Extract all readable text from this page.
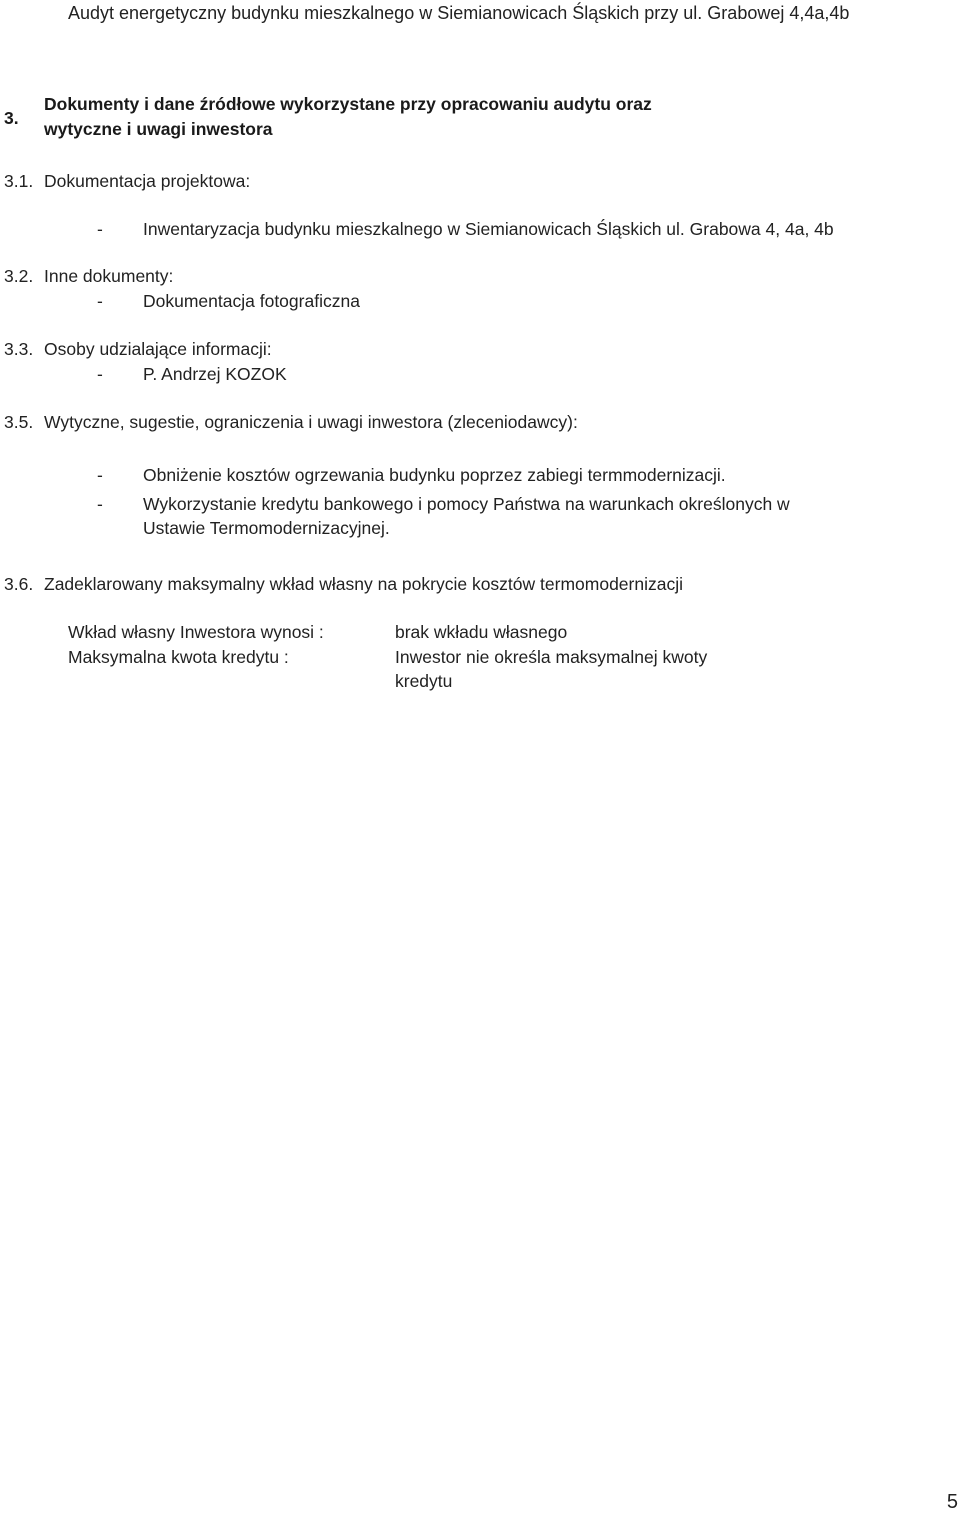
Audyt energetyczny budynku mieszkalnego w Siemianowicach Śląskich przy ul. Grabowej 4,4a,4b
3.
Dokumenty i dane źródłowe wykorzystane przy opracowaniu audytu oraz
wytyczne i uwagi inwestora
3.1. Dokumentacja projektowa:
- Inwentaryzacja budynku mieszkalnego w Siemianowicach Śląskich ul. Grabowa 4, 4a, 4b
3.2. Inne dokumenty:
- Dokumentacja fotograficzna
3.3. Osoby udzialające informacji:
- P. Andrzej KOZOK
3.5. Wytyczne, sugestie, ograniczenia i uwagi inwestora (zleceniodawcy):
- Obniżenie kosztów ogrzewania budynku poprzez zabiegi termmodernizacji.
- Wykorzystanie kredytu bankowego i pomocy Państwa na warunkach określonych w
Ustawie Termomodernizacyjnej.
3.6. Zadeklarowany maksymalny wkład własny na pokrycie kosztów termomodernizacji
Wkład własny Inwestora wynosi :	brak wkładu własnego
Maksymalna kwota kredytu :	Inwestor nie określa maksymalnej kwoty
kredytu
5
